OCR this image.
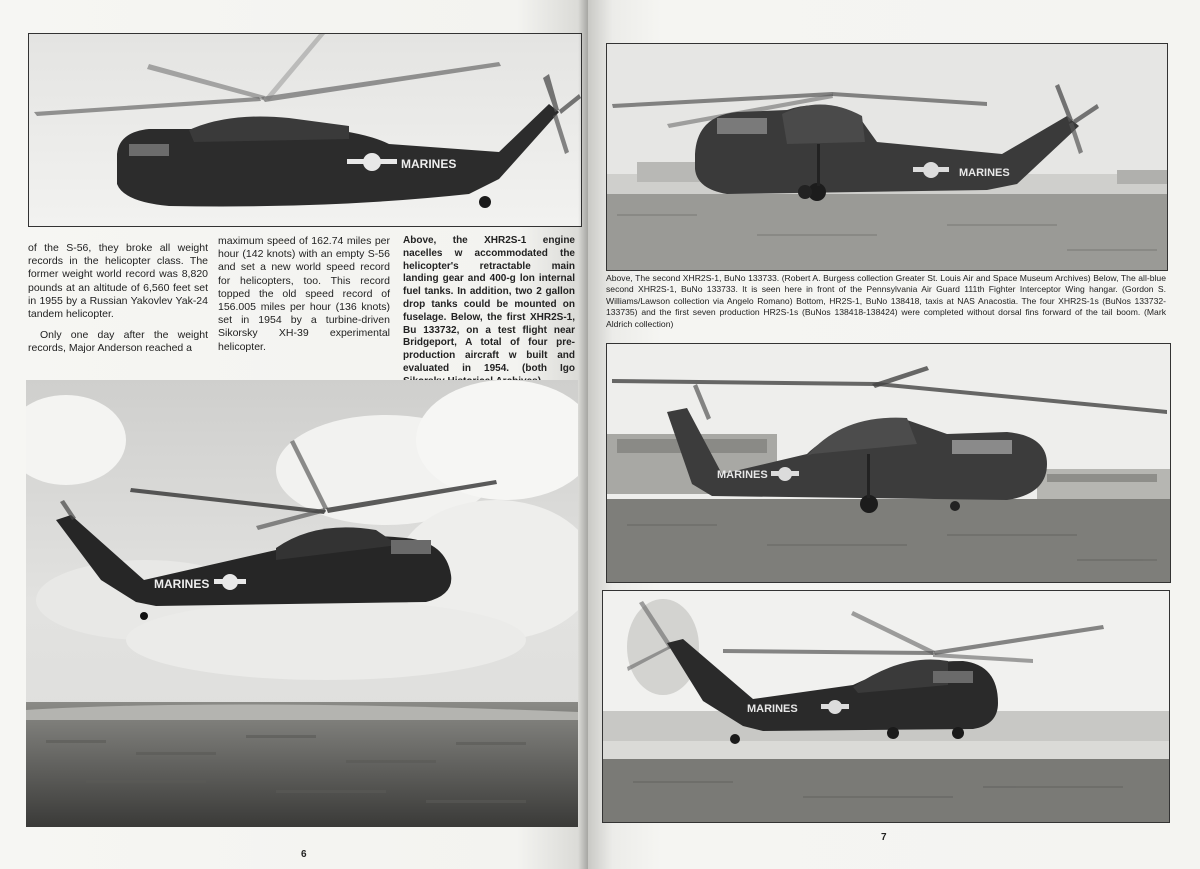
MARINES

of the S-56, they broke all weight records in the helicopter class. The former weight world record was 8,820 pounds at an altitude of 6,560 feet set in 1955 by a Russian Yakovlev Yak-24 tandem helicopter.

Only one day after the weight records, Major Anderson reached a

maximum speed of 162.74 miles per hour (142 knots) with an empty S-56 and set a new world speed record for helicopters, too. This record topped the old speed record of 156.005 miles per hour (136 knots) set in 1954 by a turbine-driven Sikorsky XH-39 experimental helicopter.

Above, the XHR2S-1 engine nacelles w accommodated the helicopter's retractable main landing gear and 400-g lon internal fuel tanks. In addition, two 2 gallon drop tanks could be mounted on fuselage. Below, the first XHR2S-1, Bu 133732, on a test flight near Bridgeport, A total of four pre-production aircraft w built and evaluated in 1954. (both Igo
MARINES
6
MARINES
Above, The second XHR2S-1, BuNo 133733. (Robert A. Burgess collection Greater St. Louis Air and Space Museum Archives) Below, The all-blue second XHR2S-1, BuNo 133733. It is seen here in front of the Pennsylvania Air Guard 111th Fighter Interceptor Wing hangar. (Gordon S. Williams/Lawson collection via Angelo Romano) Bottom, HR2S-1, BuNo 138418, taxis at NAS Anacostia. The four XHR2S-1s (BuNos 133732-133735) and the first seven production HR2S-1s (BuNos 138418-138424) were completed without dorsal fins forward of the tail boom. (Mark Aldrich collection)
MARINES
MARINES
7
